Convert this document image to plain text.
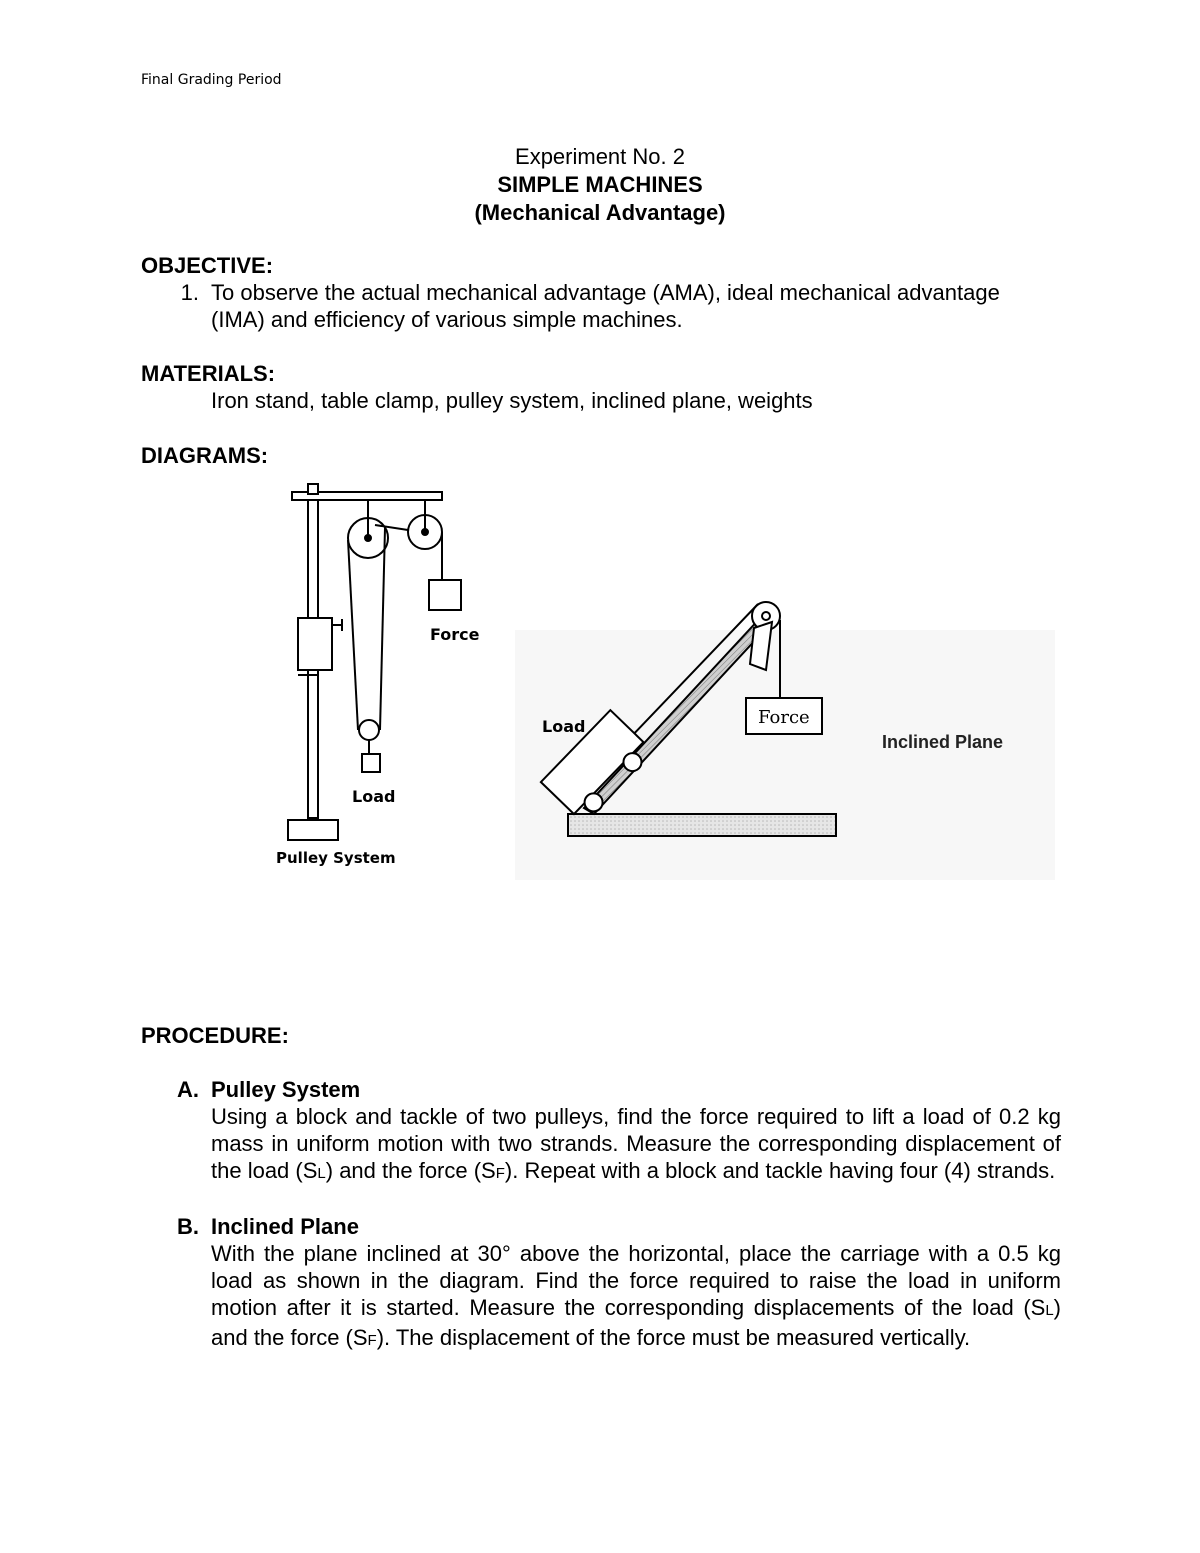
Final Grading Period
Experiment No. 2
SIMPLE MACHINES
(Mechanical Advantage)
OBJECTIVE:
1. To observe the actual mechanical advantage (AMA), ideal mechanical advantage
(IMA) and efficiency of various simple machines.
MATERIALS:
Iron stand, table clamp, pulley system, inclined plane, weights
DIAGRAMS:
Force
Load
Pulley System
Force
Load
Inclined Plane
PROCEDURE:
A. Pulley System
Using a block and tackle of two pulleys, find the force required to lift a load of 0.2 kg mass in uniform motion with two strands. Measure the corresponding displacement of the load (SL) and the force (SF). Repeat with a block and tackle having four (4) strands.
B. Inclined Plane
With the plane inclined at 30° above the horizontal, place the carriage with a 0.5 kg load as shown in the diagram. Find the force required to raise the load in uniform motion after it is started. Measure the corresponding displacements of the load (SL) and the force (SF). The displacement of the force must be measured vertically.
